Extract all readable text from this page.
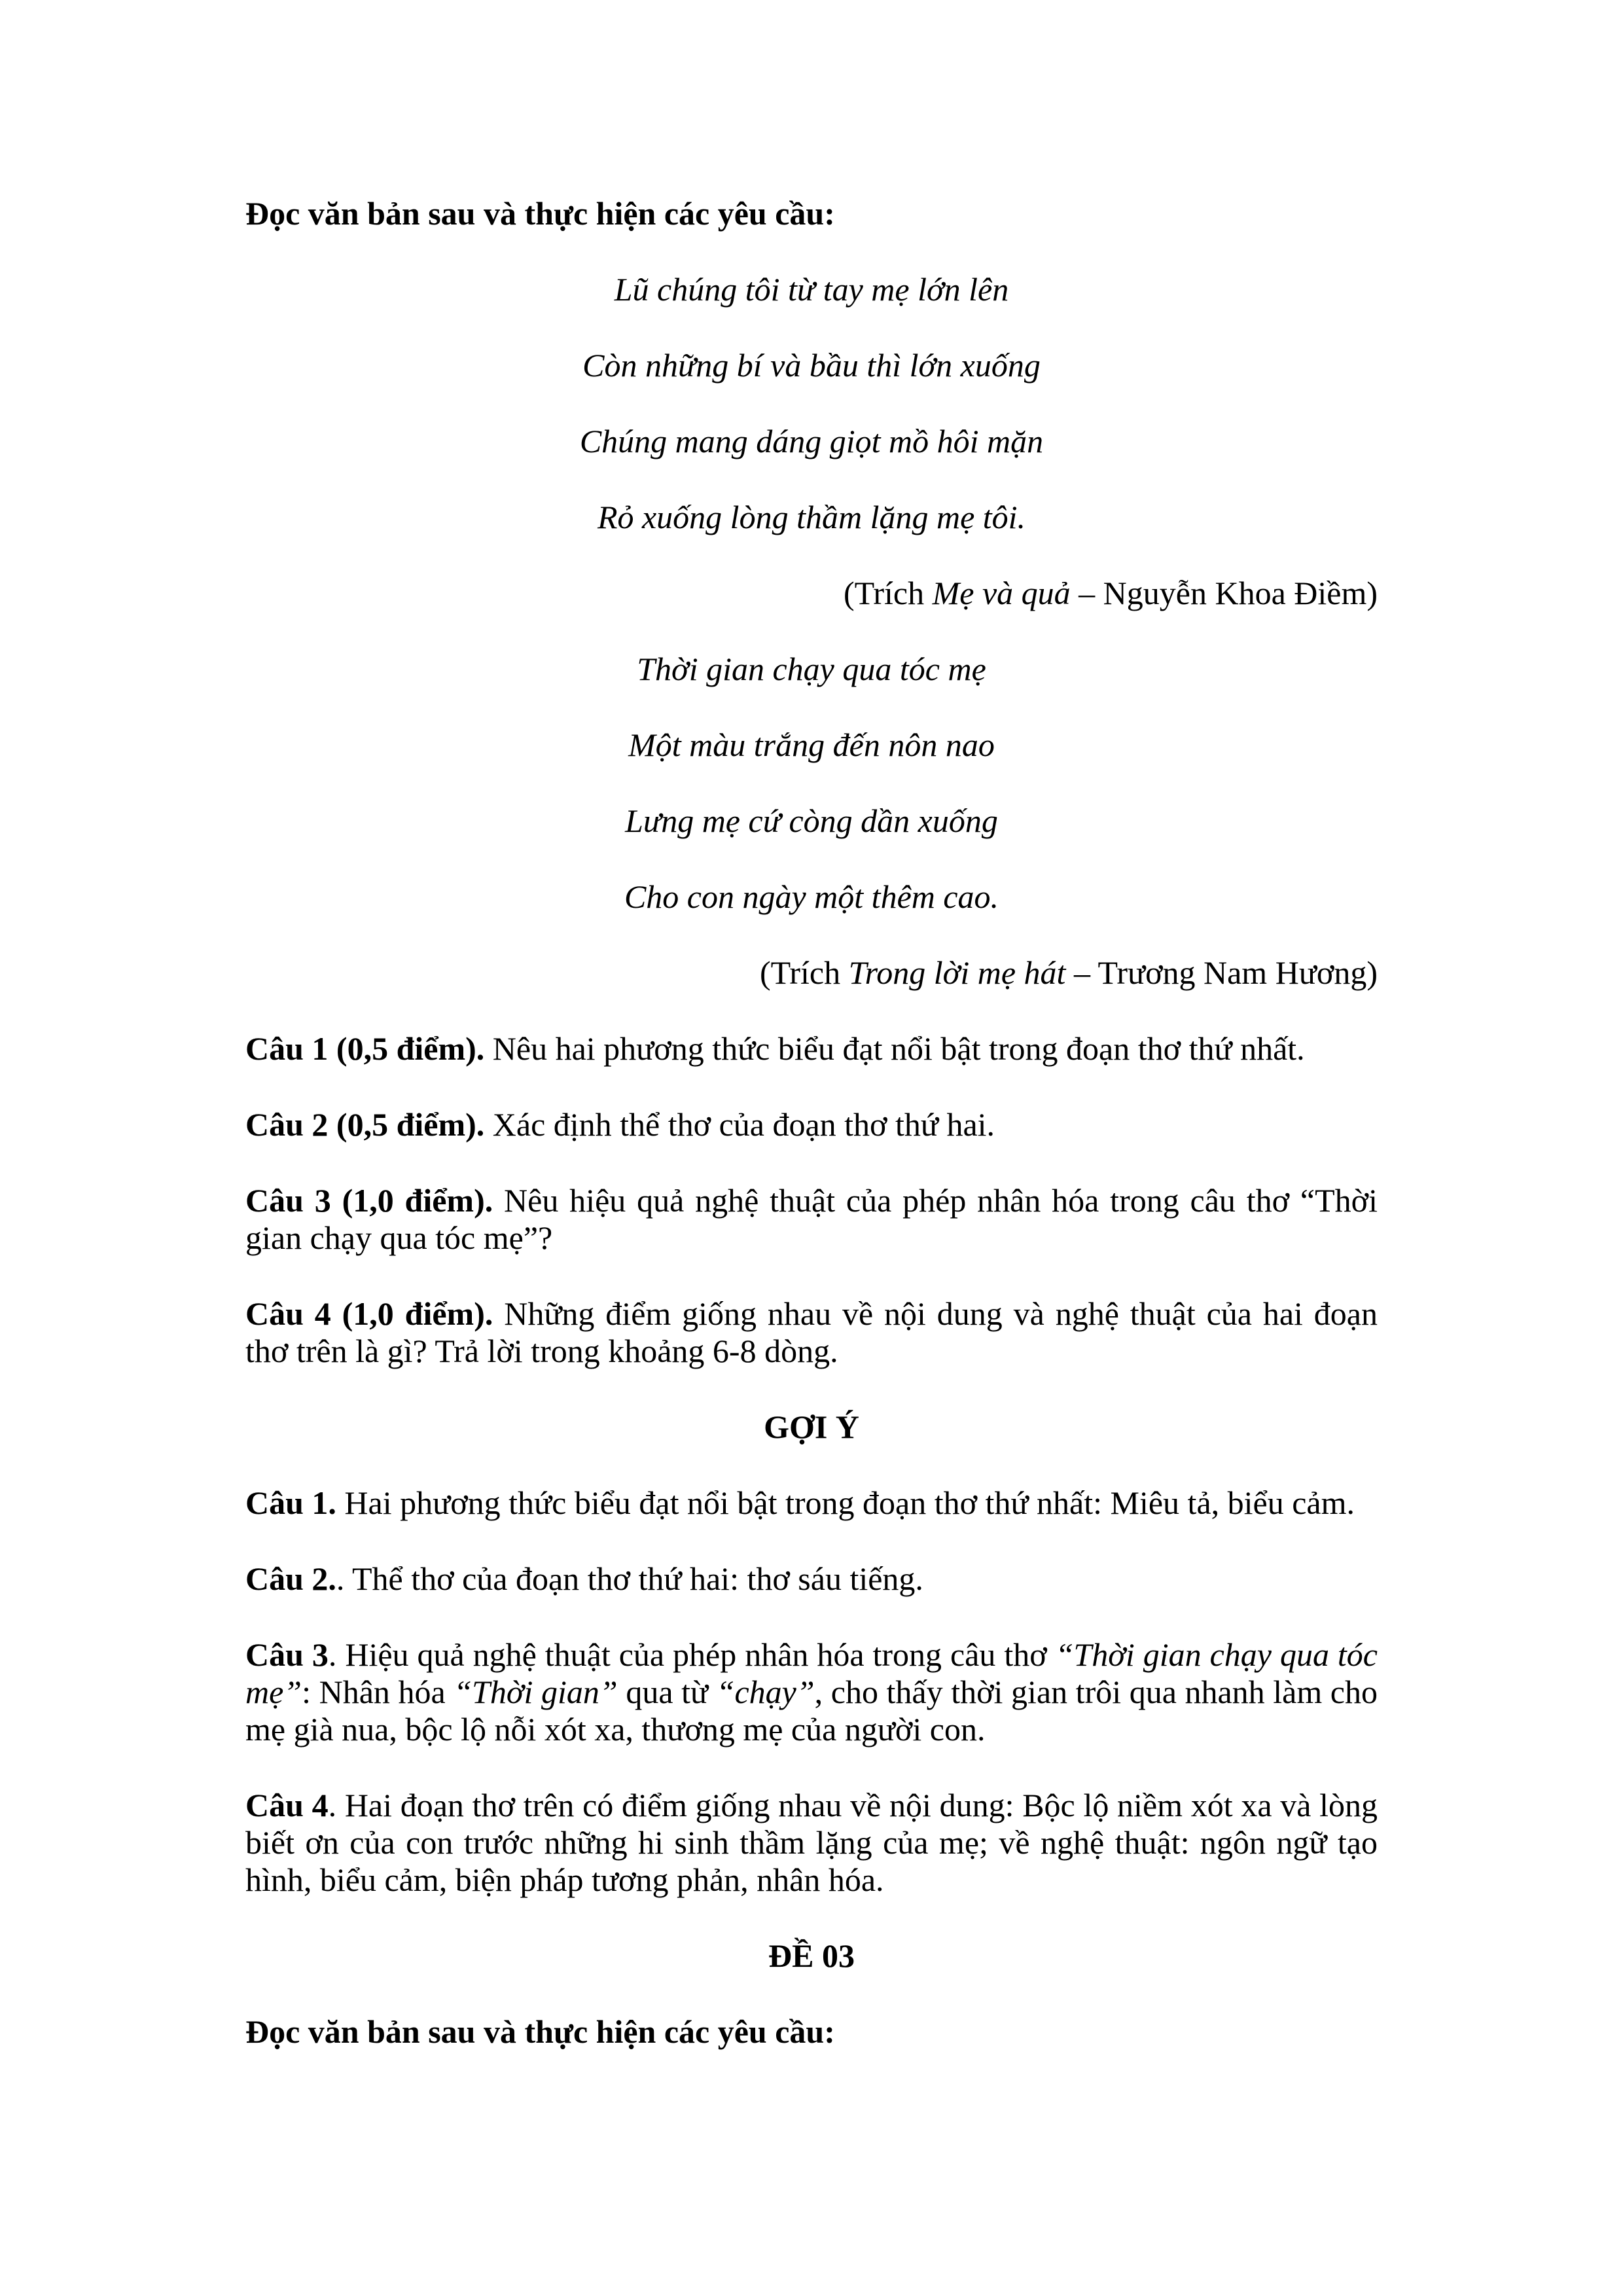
Đọc văn bản sau và thực hiện các yêu cầu:

Lũ chúng tôi từ tay mẹ lớn lên

Còn những bí và bầu thì lớn xuống

Chúng mang dáng giọt mồ hôi mặn

Rỏ xuống lòng thầm lặng mẹ tôi.

(Trích Mẹ và quả – Nguyễn Khoa Điềm)

Thời gian chạy qua tóc mẹ

Một màu trắng đến nôn nao

Lưng mẹ cứ còng dần xuống

Cho con ngày một thêm cao.

(Trích Trong lời mẹ hát – Trương Nam Hương)

Câu 1 (0,5 điểm). Nêu hai phương thức biểu đạt nổi bật trong đoạn thơ thứ nhất.

Câu 2 (0,5 điểm). Xác định thể thơ của đoạn thơ thứ hai.

Câu 3 (1,0 điểm). Nêu hiệu quả nghệ thuật của phép nhân hóa trong câu thơ “Thời gian chạy qua tóc mẹ”?

Câu 4 (1,0 điểm). Những điểm giống nhau về nội dung và nghệ thuật của hai đoạn thơ trên là gì? Trả lời trong khoảng 6-8 dòng.

GỢI Ý

Câu 1. Hai phương thức biểu đạt nổi bật trong đoạn thơ thứ nhất: Miêu tả, biểu cảm.

Câu 2.. Thể thơ của đoạn thơ thứ hai: thơ sáu tiếng.

Câu 3. Hiệu quả nghệ thuật của phép nhân hóa trong câu thơ “Thời gian chạy qua tóc mẹ”: Nhân hóa “Thời gian” qua từ “chạy”, cho thấy thời gian trôi qua nhanh làm cho mẹ già nua, bộc lộ nỗi xót xa, thương mẹ của người con.

Câu 4. Hai đoạn thơ trên có điểm giống nhau về nội dung: Bộc lộ niềm xót xa và lòng biết ơn của con trước những hi sinh thầm lặng của mẹ; về nghệ thuật: ngôn ngữ tạo hình, biểu cảm, biện pháp tương phản, nhân hóa.

ĐỀ 03

Đọc văn bản sau và thực hiện các yêu cầu:
